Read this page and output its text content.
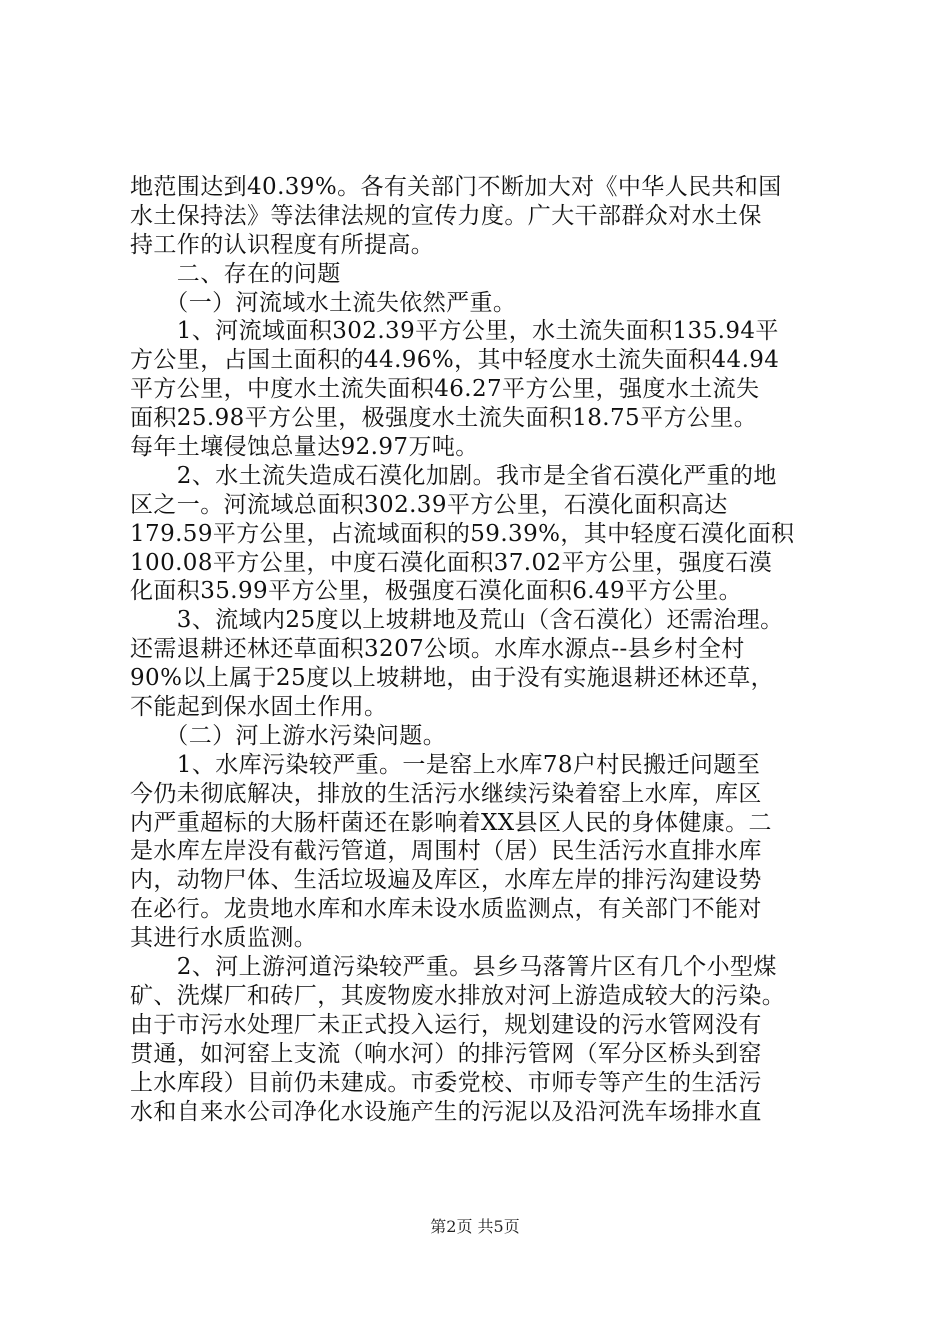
地范围达到40.39%。各有关部门不断加大对《中华人民共和国
水土保持法》等法律法规的宣传力度。广大干部群众对水土保
持工作的认识程度有所提高。
　　二、存在的问题
　　（一）河流域水土流失依然严重。
　　1、河流域面积302.39平方公里，水土流失面积135.94平
方公里，占国土面积的44.96%，其中轻度水土流失面积44.94
平方公里，中度水土流失面积46.27平方公里，强度水土流失
面积25.98平方公里，极强度水土流失面积18.75平方公里。
每年土壤侵蚀总量达92.97万吨。
　　2、水土流失造成石漠化加剧。我市是全省石漠化严重的地
区之一。河流域总面积302.39平方公里，石漠化面积高达
179.59平方公里，占流域面积的59.39%，其中轻度石漠化面积
100.08平方公里，中度石漠化面积37.02平方公里，强度石漠
化面积35.99平方公里，极强度石漠化面积6.49平方公里。
　　3、流域内25度以上坡耕地及荒山（含石漠化）还需治理。
还需退耕还林还草面积3207公顷。水库水源点--县乡村全村
90%以上属于25度以上坡耕地，由于没有实施退耕还林还草，
不能起到保水固土作用。
　　（二）河上游水污染问题。
　　1、水库污染较严重。一是窑上水库78户村民搬迁问题至
今仍未彻底解决，排放的生活污水继续污染着窑上水库，库区
内严重超标的大肠杆菌还在影响着XX县区人民的身体健康。二
是水库左岸没有截污管道，周围村（居）民生活污水直排水库
内，动物尸体、生活垃圾遍及库区，水库左岸的排污沟建设势
在必行。龙贵地水库和水库未设水质监测点，有关部门不能对
其进行水质监测。
　　2、河上游河道污染较严重。县乡马落箐片区有几个小型煤
矿、洗煤厂和砖厂，其废物废水排放对河上游造成较大的污染。
由于市污水处理厂未正式投入运行，规划建设的污水管网没有
贯通，如河窑上支流（响水河）的排污管网（军分区桥头到窑
上水库段）目前仍未建成。市委党校、市师专等产生的生活污
水和自来水公司净化水设施产生的污泥以及沿河洗车场排水直
第2页 共5页
